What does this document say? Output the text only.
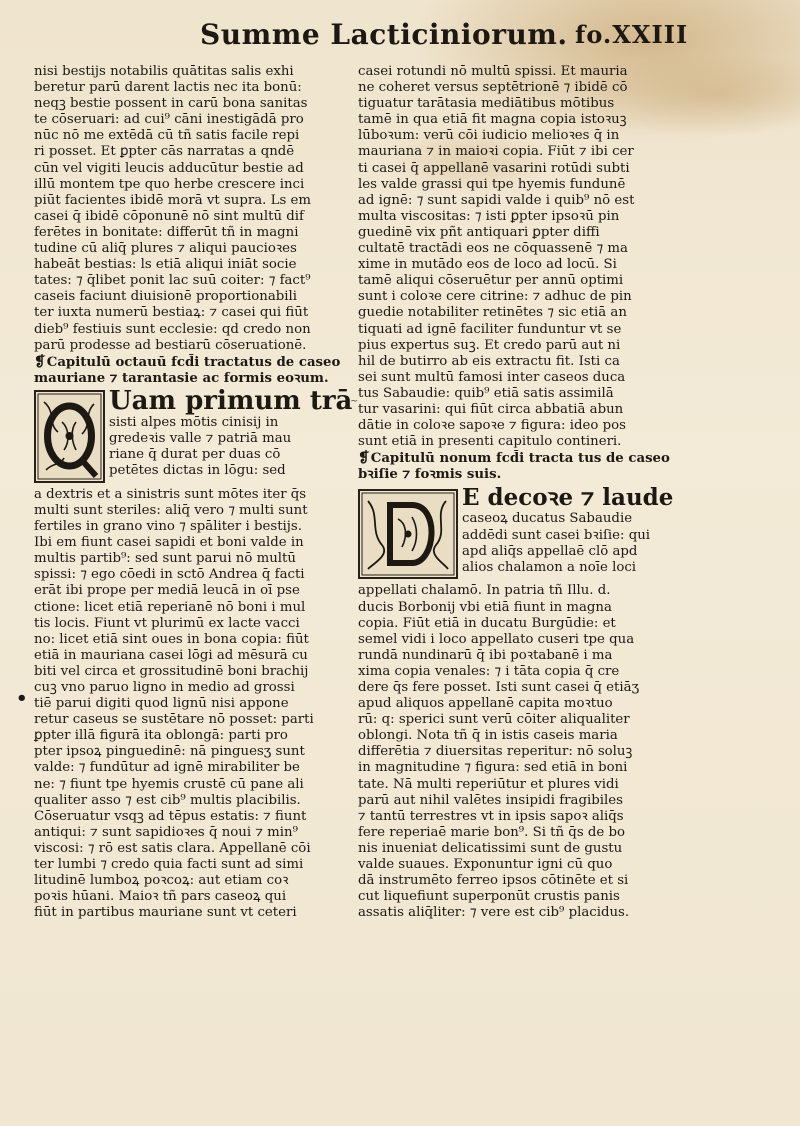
Summe Lacticiniorum. fo.XXIII
•
~

nisi bestijs notabilis quātitas salis exhi

beretur parū darent lactis nec ita bonū:

neqꝫ bestie possent in carū bona sanitas

te cōseruari: ad cui⁹ cāni inestigādā pro

nūc nō me extēdā cū tñ satis facile repi

ri posset. Et ꝑpter cās narratas a qndē

cūn vel vigiti leucis adducūtur bestie ad

illū montem tpe quo herbe crescere inci

piūt facientes ibidē morā vt supra. Ls em

casei q̄ ibidē cōponunē nō sint multū dif

ferētes in bonitate: differūt tñ in magni

tudine cū aliq̄ plures ⁊ aliqui paucioꝛes

habeāt bestias: ls etiā aliqui iniāt socie

tates: ⁊ q̄libet ponit lac suū coiter: ⁊ fact⁹

caseis faciunt diuisionē proportionabili

ter iuxta numerū bestiaꝝ: ⁊ casei qui fiūt

dieb⁹ festiuis sunt ecclesie: qd̄ credo non

parū prodesse ad bestiarū cōseruationē.

❡Capitulū octauū fcd̄i tractatus de caseo mauriane ⁊ tarantasie ac formis eoꝛum.

Uam primum trā

sisti alpes mōtis cinisij in

gredeꝛis valle ⁊ patriā mau

riane q̄ durat per duas cō

petētes dictas in lōgu: sed

a dextris et a sinistris sunt mōtes iter q̄s

multi sunt steriles: aliq̄ vero ⁊ multi sunt

fertiles in grano vino ⁊ spāliter i bestijs.

Ibi em fiunt casei sapidi et boni valde in

multis partib⁹: sed sunt parui nō multū

spissi: ⁊ ego cōedi in sctō Andrea q̄ facti

erāt ibi prope per mediā leucā in oī pse

ctione: licet etiā reperianē nō boni i mul

tis locis. Fiunt vt plurimū ex lacte vacci

no: licet etiā sint oues in bona copia: fiūt

etiā in mauriana casei lōgi ad mēsurā cu

biti vel circa et grossitudinē boni brachij

cuꝫ vno paruo ligno in medio ad grossi

tiē parui digiti quod lignū nisi appone

retur caseus se sustētare nō posset: parti

ꝑpter illā figurā ita oblongā: parti pro

pter ipsoꝝ pinguedinē: nā pinguesʒ sunt

valde: ⁊ fundūtur ad ignē mirabiliter be

ne: ⁊ fiunt tpe hyemis crustē cū pane ali

qualiter asso ⁊ est cib⁹ multis placibilis.

Cōseruatur vsqꝫ ad tēpus estatis: ⁊ fiunt

antiqui: ⁊ sunt sapidioꝛes q̄ noui ⁊ min⁹

viscosi: ⁊ rō est satis clara. Appellanē cōi

ter lumbi ⁊ credo quia facti sunt ad simi

litudinē lumboꝝ poꝛcoꝝ: aut etiam coꝛ

poꝛis hūani. Maioꝛ tñ pars caseoꝝ qui

fiūt in partibus mauriane sunt vt ceteri

casei rotundi nō multū spissi. Et mauria

ne coheret versus septētrionē ⁊ ibidē cō

tiguatur tarātasia mediātibus mōtibus

tamē in qua etiā fit magna copia istoꝛuꝫ

lūboꝛum: verū cōi iudicio melioꝛes q̄ in

mauriana ⁊ in maioꝛi copia. Fiūt ⁊ ibi cer

ti casei q̄ appellanē vasarini rotūdi subti

les valde grassi qui tpe hyemis fundunē

ad ignē: ⁊ sunt sapidi valde i quib⁹ nō est

multa viscositas: ⁊ isti ꝑpter ipsoꝛū pin

guedinē vix pñt antiquari ꝑpter diffi

cultatē tractādi eos ne cōquassenē ⁊ ma

xime in mutādo eos de loco ad locū. Si

tamē aliqui cōseruētur per annū optimi

sunt i coloꝛe cere citrine: ⁊ adhuc de pin

guedie notabiliter retinētes ⁊ sic etiā an

tiquati ad ignē faciliter funduntur vt se

pius expertus suꝫ. Et credo parū aut ni

hil de butirro ab eis extractu fit. Isti ca

sei sunt multū famosi inter caseos duca

tus Sabaudie: quib⁹ etiā satis assimilā

tur vasarini: qui fiūt circa abbatiā abun

dātie in coloꝛe sapoꝛe ⁊ figura: ideo pos

sunt etiā in presenti capitulo contineri.

❡Capitulū nonum fcd̄i tracta tus de caseo bꝛiſie ⁊ foꝛmis suis.

E decoꝛe ⁊ laude

caseoꝝ ducatus Sabaudie

addēdi sunt casei bꝛiſie: qui

apd̄ aliq̄s appellaē clō apd̄

alios chalamon a noīe loci

appellati chalamō. In patria tñ Illu. d.

ducis Borbonij vbi etiā fiunt in magna

copia. Fiūt etiā in ducatu Burgūdie: et

semel vidi i loco appellato cuseri tpe qua

rundā nundinarū q̄ ibi poꝛtabanē i ma

xima copia venales: ⁊ i tāta copia q̄ cre

dere q̄s fere posset. Isti sunt casei q̄ etiāʒ

apud aliquos appellanē capita moꝛtuo

rū: q: sperici sunt verū cōiter aliqualiter

oblongi. Nota tñ q̄ in istis caseis maria

differētia ⁊ diuersitas reperitur: nō soluꝫ

in magnitudine ⁊ figura: sed etiā in boni

tate. Nā multi reperiūtur et plures vidi

parū aut nihil valētes insipidi fragibiles

⁊ tantū terrestres vt in ipsis sapoꝛ aliq̄s

fere reperiaē marie bon⁹. Si tñ q̄s de bo

nis inueniat delicatissimi sunt de gustu

valde suaues. Exponuntur igni cū quo

dā instrumēto ferreo ipsos cōtinēte et si

cut liquefiunt superponūt crustis panis

assatis aliq̄liter: ⁊ vere est cib⁹ placidus.
